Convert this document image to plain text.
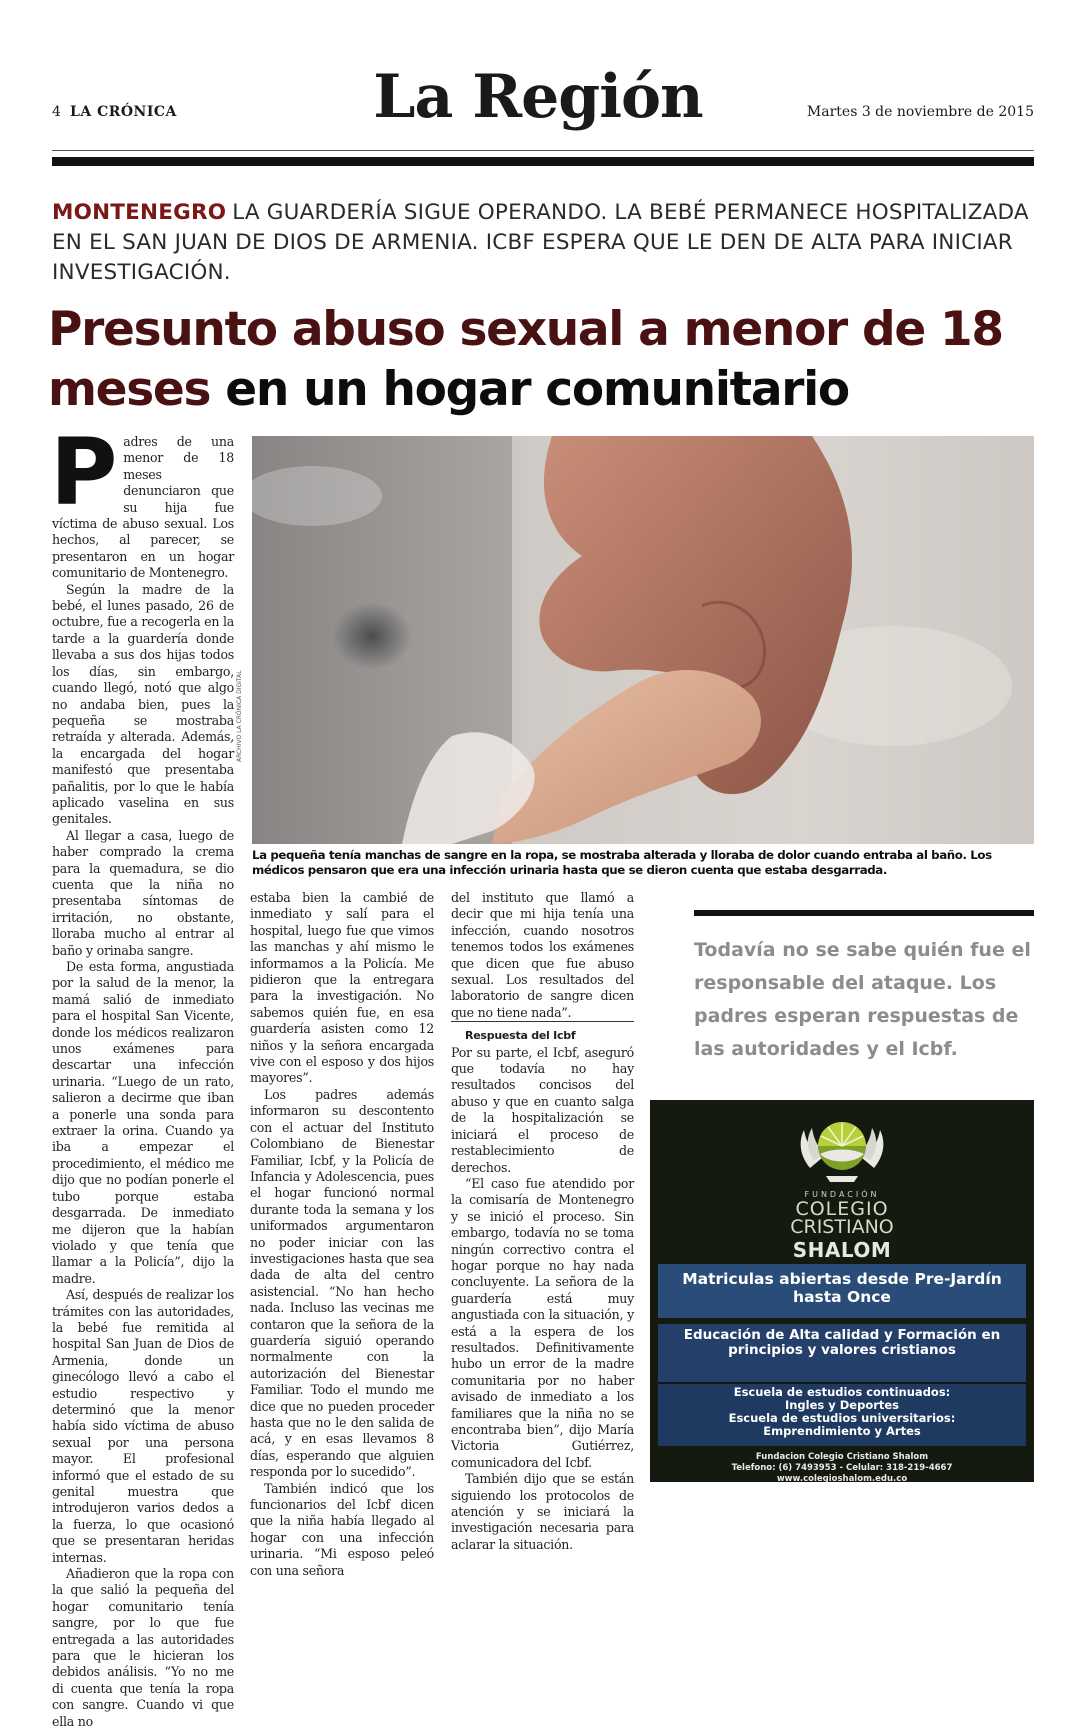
4 LA CRÓNICA	La Región	Martes 3 de noviembre de 2015
MONTENEGRO LA GUARDERÍA SIGUE OPERANDO. LA BEBÉ PERMANECE HOSPITALIZADA EN EL SAN JUAN DE DIOS DE ARMENIA. ICBF ESPERA QUE LE DEN DE ALTA PARA INICIAR INVESTIGACIÓN.
Presunto abuso sexual a menor de 18 meses en un hogar comunitario
ARCHIVO LA CRÓNICA DIGITAL
La pequeña tenía manchas de sangre en la ropa, se mostraba alterada y lloraba de dolor cuando entraba al baño. Los médicos pensaron que era una infección urinaria hasta que se dieron cuenta que estaba desgarrada.

Padres de una menor de 18 meses denunciaron que su hija fue víctima de abuso sexual. Los hechos, al parecer, se presentaron en un hogar comunitario de Montenegro.

Según la madre de la bebé, el lunes pasado, 26 de octubre, fue a recogerla en la tarde a la guardería donde llevaba a sus dos hijas todos los días, sin embargo, cuando llegó, notó que algo no andaba bien, pues la pequeña se mostraba retraída y alterada. Además, la encargada del hogar manifestó que presentaba pañalitis, por lo que le había aplicado vaselina en sus genitales.

Al llegar a casa, luego de haber comprado la crema para la quemadura, se dio cuenta que la niña no presentaba síntomas de irritación, no obstante, lloraba mucho al entrar al baño y orinaba sangre.

De esta forma, angustiada por la salud de la menor, la mamá salió de inmediato para el hospital San Vicente, donde los médicos realizaron unos exámenes para descartar una infección urinaria. “Luego de un rato, salieron a decirme que iban a ponerle una sonda para extraer la orina. Cuando ya iba a empezar el procedimiento, el médico me dijo que no podían ponerle el tubo porque estaba desgarrada. De inmediato me dijeron que la habían violado y que tenía que llamar a la Policía”, dijo la madre.

Así, después de realizar los trámites con las autoridades, la bebé fue remitida al hospital San Juan de Dios de Armenia, donde un ginecólogo llevó a cabo el estudio respectivo y determinó que la menor había sido víctima de abuso sexual por una persona mayor. El profesional informó que el estado de su genital muestra que introdujeron varios dedos a la fuerza, lo que ocasionó que se presentaran heridas internas.

Añadieron que la ropa con la que salió la pequeña del hogar comunitario tenía sangre, por lo que fue entregada a las autoridades para que le hicieran los debidos análisis. “Yo no me di cuenta que tenía la ropa con sangre. Cuando vi que ella no

estaba bien la cambié de inmediato y salí para el hospital, luego fue que vimos las manchas y ahí mismo le informamos a la Policía. Me pidieron que la entregara para la investigación. No sabemos quién fue, en esa guardería asisten como 12 niños y la señora encargada vive con el esposo y dos hijos mayores”.

Los padres además informaron su descontento con el actuar del Instituto Colombiano de Bienestar Familiar, Icbf, y la Policía de Infancia y Adolescencia, pues el hogar funcionó normal durante toda la semana y los uniformados argumentaron no poder iniciar con las investigaciones hasta que sea dada de alta del centro asistencial. “No han hecho nada. Incluso las vecinas me contaron que la señora de la guardería siguió operando normalmente con la autorización del Bienestar Familiar. Todo el mundo me dice que no pueden proceder hasta que no le den salida de acá, y en esas llevamos 8 días, esperando que alguien responda por lo sucedido”.

También indicó que los funcionarios del Icbf dicen que la niña había llegado al hogar con una infección urinaria. “Mi esposo peleó con una señora

del instituto que llamó a decir que mi hija tenía una infección, cuando nosotros tenemos todos los exámenes que dicen que fue abuso sexual. Los resultados del laboratorio de sangre dicen que no tiene nada”.

Respuesta del Icbf

Por su parte, el Icbf, aseguró que todavía no hay resultados concisos del abuso y que en cuanto salga de la hospitalización se iniciará el proceso de restablecimiento de derechos.

“El caso fue atendido por la comisaría de Montenegro y se inició el proceso. Sin embargo, todavía no se toma ningún correctivo contra el hogar porque no hay nada concluyente. La señora de la guardería está muy angustiada con la situación, y está a la espera de los resultados. Definitivamente hubo un error de la madre comunitaria por no haber avisado de inmediato a los familiares que la niña no se encontraba bien”, dijo María Victoria Gutiérrez, comunicadora del Icbf.

También dijo que se están siguiendo los protocolos de atención y se iniciará la investigación necesaria para aclarar la situación.

Todavía no se sabe quién fue el responsable del ataque. Los padres esperan respuestas de las autoridades y el Icbf.
FUNDACIÓN
COLEGIO
CRISTIANO
SHALOM
Matriculas abiertas desde Pre-Jardín hasta Once
Educación de Alta calidad y Formación en principios y valores cristianos
Escuela de estudios continuados:
Ingles y Deportes
Escuela de estudios universitarios:
Emprendimiento y Artes
Fundacion Colegio Cristiano Shalom
Telefono: (6) 7493953 - Celular: 318-219-4667
www.colegioshalom.edu.co
